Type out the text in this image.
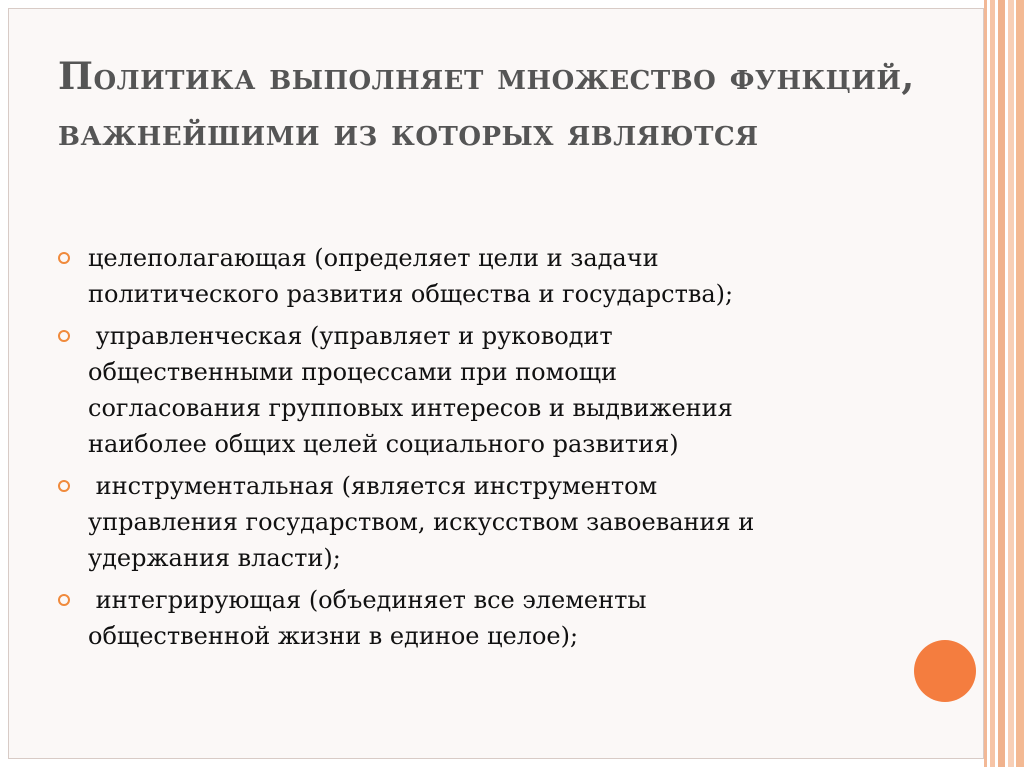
Политика выполняет множество функций, важнейшими из которых являются
целеполагающая (определяет цели и задачи
политического развития общества и государства);
управленческая (управляет и руководит
общественными процессами при помощи
согласования групповых интересов и выдвижения
наиболее общих целей социального развития)
инструментальная (является инструментом
управления государством, искусством завоевания и
удержания власти);
интегрирующая (объединяет все элементы
общественной жизни в единое целое);
